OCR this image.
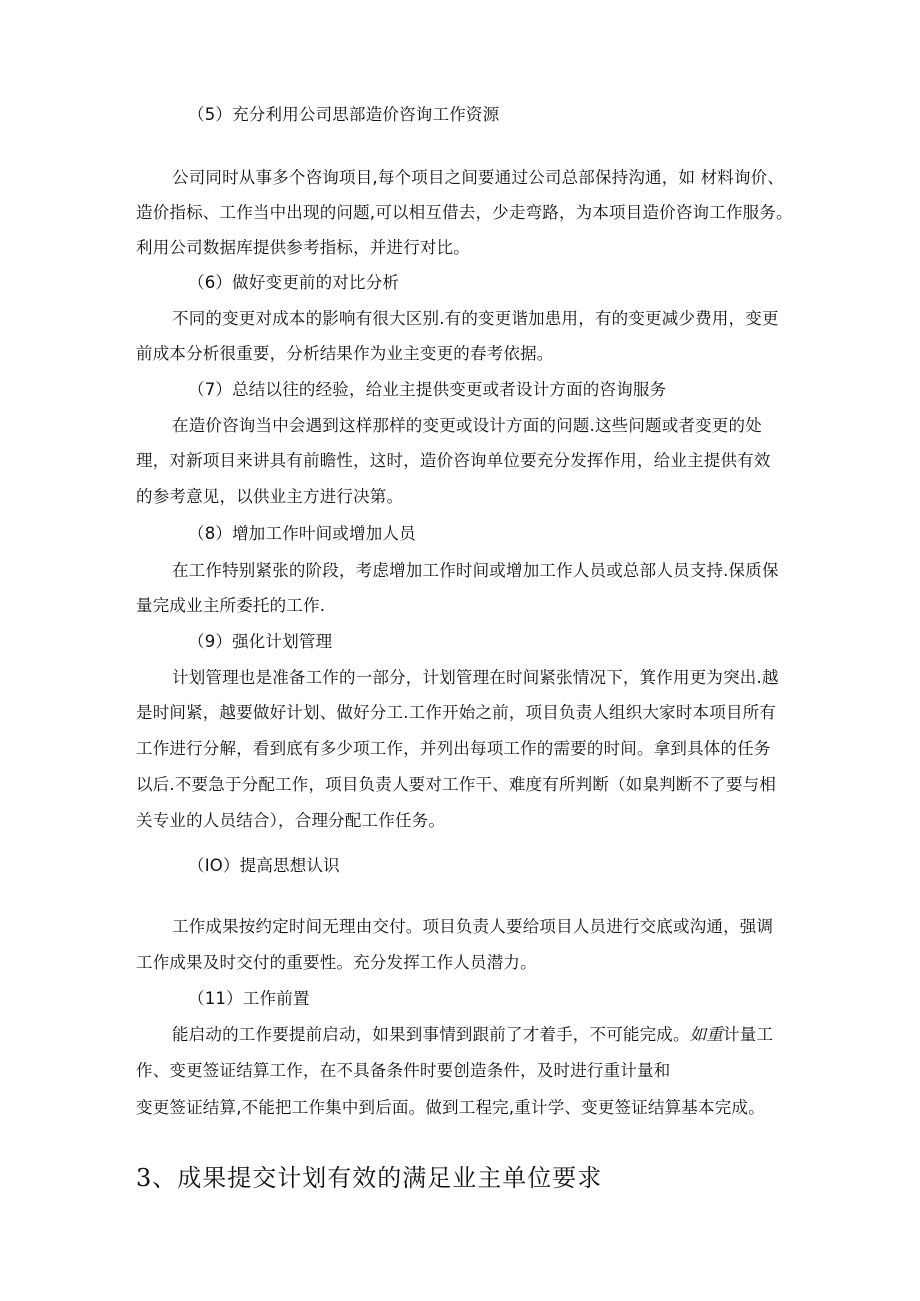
（5）充分利用公司思部造价咨询工作资源
公司同时从事多个咨询项目,每个项目之间要通过公司总部保持沟通，如 材料询价、
造价指标、工作当中出现的问题,可以相互借去，少走弯路，为本项目造价咨询工作服务。
利用公司数据库提供参考指标，并进行对比。
（6）做好变更前的对比分析
不同的变更对成本的影响有很大区别.有的变更谐加患用，有的变更减少费用，变更
前成本分析很重要，分析结果作为业主变更的春考依据。
（7）总结以往的经验，给业主提供变更或者设计方面的咨询服务
在造价咨询当中会遇到这样那样的变更或设计方面的问题.这些问题或者变更的处
理，对新项目来讲具有前瞻性，这时，造价咨询单位要充分发挥作用，给业主提供有效
的参考意见，以供业主方进行决第。
（8）增加工作叶间或增加人员
在工作特别紧张的阶段，考虑增加工作时间或增加工作人员或总部人员支持.保质保
量完成业主所委托的工作.
（9）强化计划管理
计划管理也是准备工作的一部分，计划管理在时间紧张情况下，箕作用更为突出.越
是时间紧，越要做好计划、做好分工.工作开始之前，项目负责人组织大家时本项目所有
工作进行分解，看到底有多少项工作，并列出每项工作的需要的时间。拿到具体的任务
以后.不要急于分配工作，项目负责人要对工作干、难度有所判断（如臬判断不了要与相
关专业的人员结合），合理分配工作任务。
（IO）提高思想认识
工作成果按约定时间无理由交付。项目负责人要给项目人员进行交底或沟通，强调
工作成果及时交付的重要性。充分发挥工作人员潜力。
（11）工作前置
能启动的工作要提前启动，如果到事情到跟前了才着手，不可能完成。如重计量工
作、变更签证结算工作，在不具备条件时要创造条件，及时进行重计量和
变更签证结算,不能把工作集中到后面。做到工程完,重计学、变更签证结算基本完成。
3、成果提交计划有效的满足业主单位要求
